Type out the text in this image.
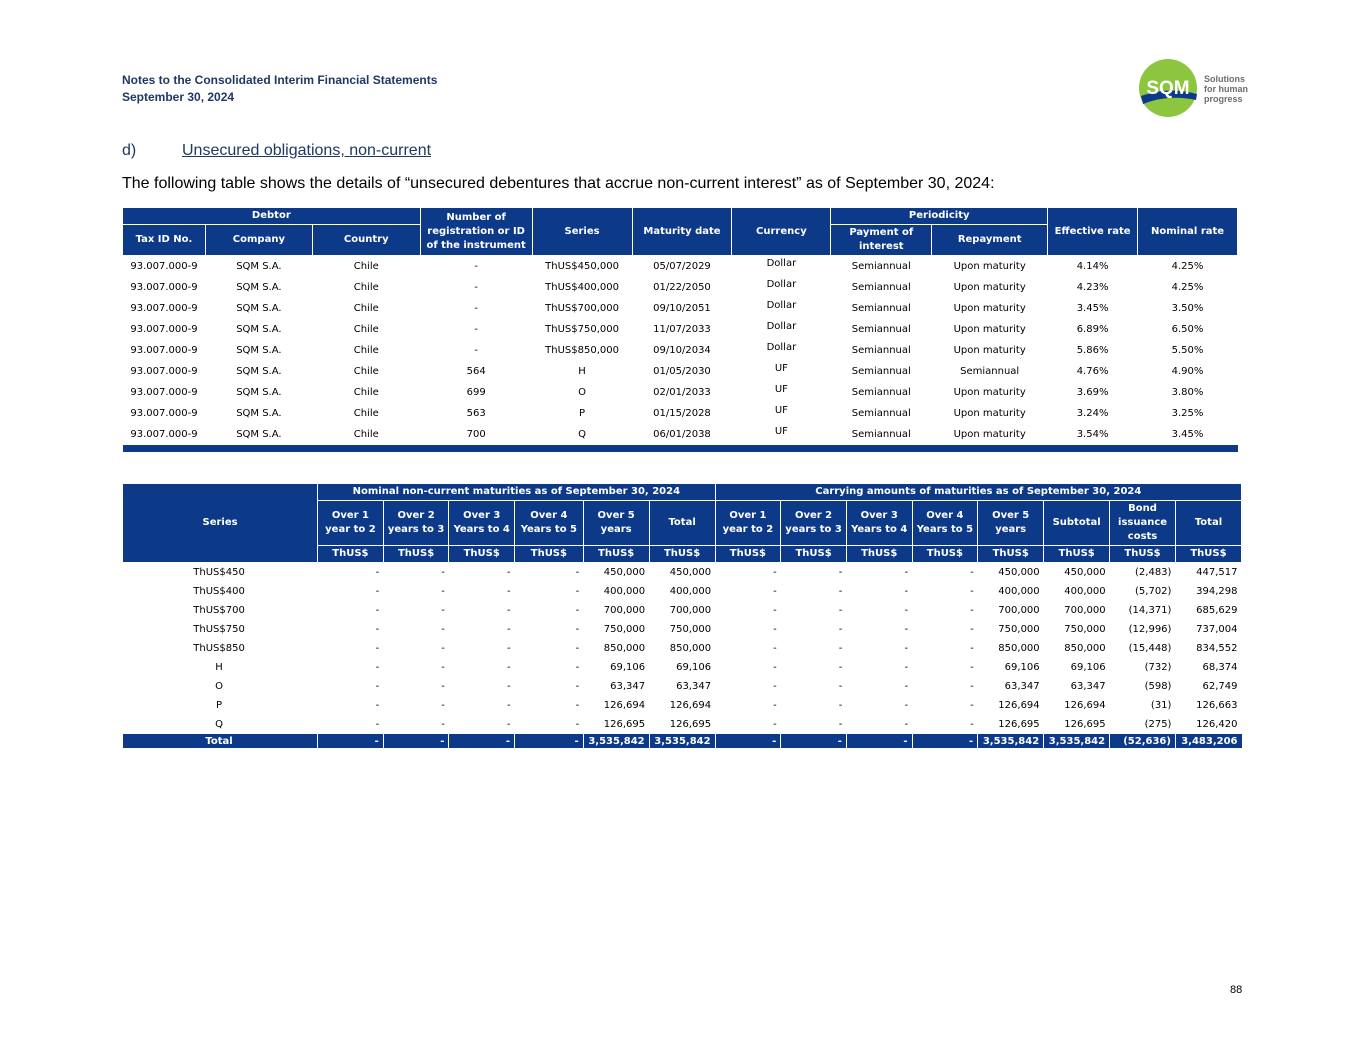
Notes to the Consolidated Interim Financial Statements
September 30, 2024	SQM Solutions
for human
progress
d)	Unsecured obligations, non-current
The following table shows the details of “unsecured debentures that accrue non-current interest” as of September 30, 2024:
Debtor			Number of registration or ID of the instrument	Series	Maturity date	Currency	Periodicity		Effective rate	Nominal rate
Tax ID No.	Company	Country					Payment of interest	Repayment		
93.007.000-9	SQM S.A.	Chile	-	ThUS$450,000	05/07/2029	Dollar	Semiannual	Upon maturity	4.14%	4.25%
93.007.000-9	SQM S.A.	Chile	-	ThUS$400,000	01/22/2050	Dollar	Semiannual	Upon maturity	4.23%	4.25%
93.007.000-9	SQM S.A.	Chile	-	ThUS$700,000	09/10/2051	Dollar	Semiannual	Upon maturity	3.45%	3.50%
93.007.000-9	SQM S.A.	Chile	-	ThUS$750,000	11/07/2033	Dollar	Semiannual	Upon maturity	6.89%	6.50%
93.007.000-9	SQM S.A.	Chile	-	ThUS$850,000	09/10/2034	Dollar	Semiannual	Upon maturity	5.86%	5.50%
93.007.000-9	SQM S.A.	Chile	564	H	01/05/2030	UF	Semiannual	Semiannual	4.76%	4.90%
93.007.000-9	SQM S.A.	Chile	699	O	02/01/2033	UF	Semiannual	Upon maturity	3.69%	3.80%
93.007.000-9	SQM S.A.	Chile	563	P	01/15/2028	UF	Semiannual	Upon maturity	3.24%	3.25%
93.007.000-9	SQM S.A.	Chile	700	Q	06/01/2038	UF	Semiannual	Upon maturity	3.54%	3.45%

Series	Nominal non-current maturities as of September 30, 2024						Carrying amounts of maturities as of September 30, 2024							
	Over 1 year to 2	Over 2 years to 3	Over 3 Years to 4	Over 4 Years to 5	Over 5 years	Total	Over 1 year to 2	Over 2 years to 3	Over 3 Years to 4	Over 4 Years to 5	Over 5 years	Subtotal	Bond issuance costs	Total
	ThUS$	ThUS$	ThUS$	ThUS$	ThUS$	ThUS$	ThUS$	ThUS$	ThUS$	ThUS$	ThUS$	ThUS$	ThUS$	ThUS$
ThUS$450	-	-	-	-	450,000	450,000	-	-	-	-	450,000	450,000	(2,483)	447,517
ThUS$400	-	-	-	-	400,000	400,000	-	-	-	-	400,000	400,000	(5,702)	394,298
ThUS$700	-	-	-	-	700,000	700,000	-	-	-	-	700,000	700,000	(14,371)	685,629
ThUS$750	-	-	-	-	750,000	750,000	-	-	-	-	750,000	750,000	(12,996)	737,004
ThUS$850	-	-	-	-	850,000	850,000	-	-	-	-	850,000	850,000	(15,448)	834,552
H	-	-	-	-	69,106	69,106	-	-	-	-	69,106	69,106	(732)	68,374
O	-	-	-	-	63,347	63,347	-	-	-	-	63,347	63,347	(598)	62,749
P	-	-	-	-	126,694	126,694	-	-	-	-	126,694	126,694	(31)	126,663
Q	-	-	-	-	126,695	126,695	-	-	-	-	126,695	126,695	(275)	126,420
Total	-	-	-	-	3,535,842	3,535,842	-	-	-	-	3,535,842	3,535,842	(52,636)	3,483,206
88
